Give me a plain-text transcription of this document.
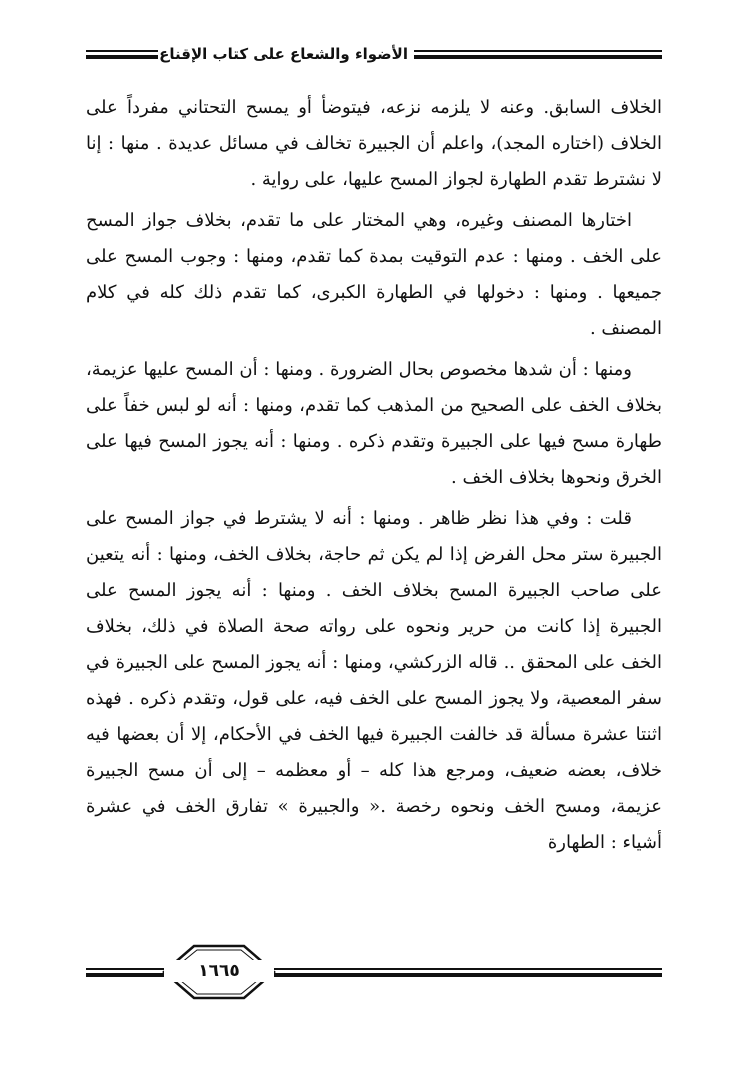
الأضواء والشعاع على كتاب الإقناع

الخلاف السابق. وعنه لا يلزمه نزعه، فيتوضأ أو يمسح التحتاني مفرداً على الخلاف (اختاره المجد)، واعلم أن الجبيرة تخالف في مسائل عديدة . منها : إنا لا نشترط تقدم الطهارة لجواز المسح عليها، على رواية .

اختارها المصنف وغيره، وهي المختار على ما تقدم، بخلاف جواز المسح على الخف . ومنها : عدم التوقيت بمدة كما تقدم، ومنها : وجوب المسح على جميعها . ومنها : دخولها في الطهارة الكبرى، كما تقدم ذلك كله في كلام المصنف .

ومنها : أن شدها مخصوص بحال الضرورة . ومنها : أن المسح عليها عزيمة، بخلاف الخف على الصحيح من المذهب كما تقدم، ومنها : أنه لو لبس خفاً على طهارة مسح فيها على الجبيرة وتقدم ذكره . ومنها : أنه يجوز المسح فيها على الخرق ونحوها بخلاف الخف .

قلت : وفي هذا نظر ظاهر . ومنها : أنه لا يشترط في جواز المسح على الجبيرة ستر محل الفرض إذا لم يكن ثم حاجة، بخلاف الخف، ومنها : أنه يتعين على صاحب الجبيرة المسح بخلاف الخف . ومنها : أنه يجوز المسح على الجبيرة إذا كانت من حرير ونحوه على رواته صحة الصلاة في ذلك، بخلاف الخف على المحقق .. قاله الزركشي، ومنها : أنه يجوز المسح على الجبيرة في سفر المعصية، ولا يجوز المسح على الخف فيه، على قول، وتقدم ذكره . فهذه اثنتا عشرة مسألة قد خالفت الجبيرة فيها الخف في الأحكام، إلا أن بعضها فيه خلاف، بعضه ضعيف، ومرجع هذا كله – أو معظمه – إلى أن مسح الجبيرة عزيمة، ومسح الخف ونحوه رخصة .« والجبيرة » تفارق الخف في عشرة أشياء : الطهارة

١٦٦٥
